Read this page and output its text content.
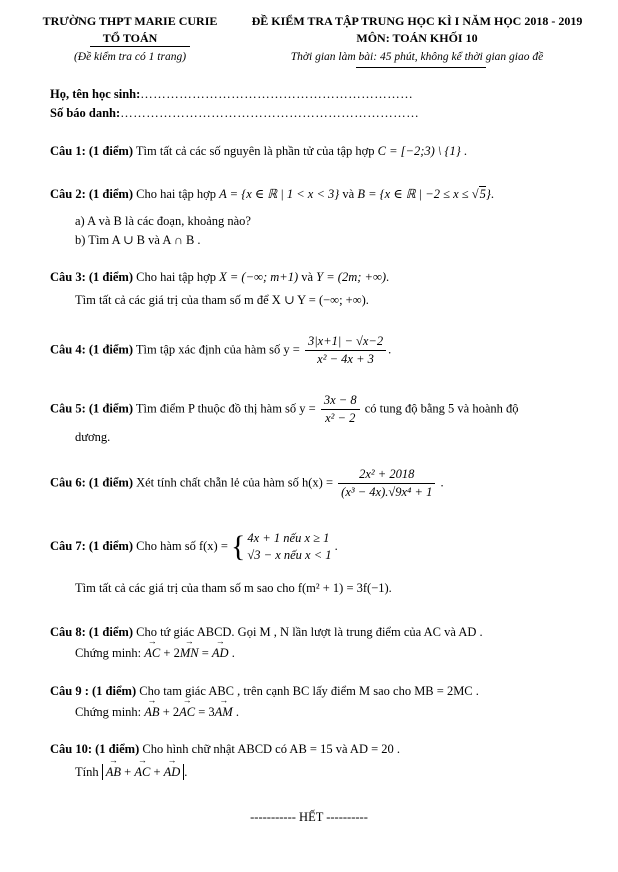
TRƯỜNG THPT MARIE CURIE
TỔ TOÁN
(Đề kiểm tra có 1 trang)
ĐỀ KIỂM TRA TẬP TRUNG HỌC KÌ I NĂM HỌC 2018 - 2019
MÔN: TOÁN KHỐI 10
Thời gian làm bài: 45 phút, không kể thời gian giao đề
Họ, tên học sinh:………………………………………………………
Số báo danh:……………………………………………………………
Câu 1: (1 điểm) Tìm tất cả các số nguyên là phần tử của tập hợp C = [−2;3) \ {1} .
Câu 2: (1 điểm) Cho hai tập hợp A = {x ∈ ℝ | 1 < x < 3} và B = {x ∈ ℝ | −2 ≤ x ≤ √5}.
a) A và B là các đoạn, khoảng nào?
b) Tìm A ∪ B và A ∩ B .
Câu 3: (1 điểm) Cho hai tập hợp X = (−∞; m+1) và Y = (2m; +∞).
Tìm tất cả các giá trị của tham số m để X ∪ Y = (−∞; +∞).
Câu 4: (1 điểm) Tìm tập xác định của hàm số $y = \frac{3|x+1| - √x-2}{\text{x² − 4x + 3}}$ .
Câu 5: (1 điểm) Tìm điểm P thuộc đồ thị hàm số $y = \frac{3x - 8}{\text{x² − 2}}$ có tung độ bằng 5 và hoành độ
dương.
Câu 6: (1 điểm) Xét tính chất chẵn lẻ của hàm số $h(x) = \frac{\text{2x² + 2018}}{\text{(x³ − 4x).√9x⁴ + 1}}$ .
Câu 7: (1 điểm) Cho hàm số f(x) = { 4x + 1 nếu x ≥ 1
√3 − x nếu x < 1
.
Tìm tất cả các giá trị của tham số m sao cho f(m² + 1) = 3f(−1).
Câu 8: (1 điểm) Cho tứ giác ABCD. Gọi M , N lần lượt là trung điểm của AC và AD .
Chứng minh: → AC + 2→ MN = → AD .
Câu 9 : (1 điểm) Cho tam giác ABC , trên cạnh BC lấy điểm M sao cho MB = 2MC .
Chứng minh: → AB + 2→ AC = 3→ AM .
Câu 10: (1 điểm) Cho hình chữ nhật ABCD có AB = 15 và AD = 20 .
Tính → AB + → AC + → AD .
----------- HẾT ----------
